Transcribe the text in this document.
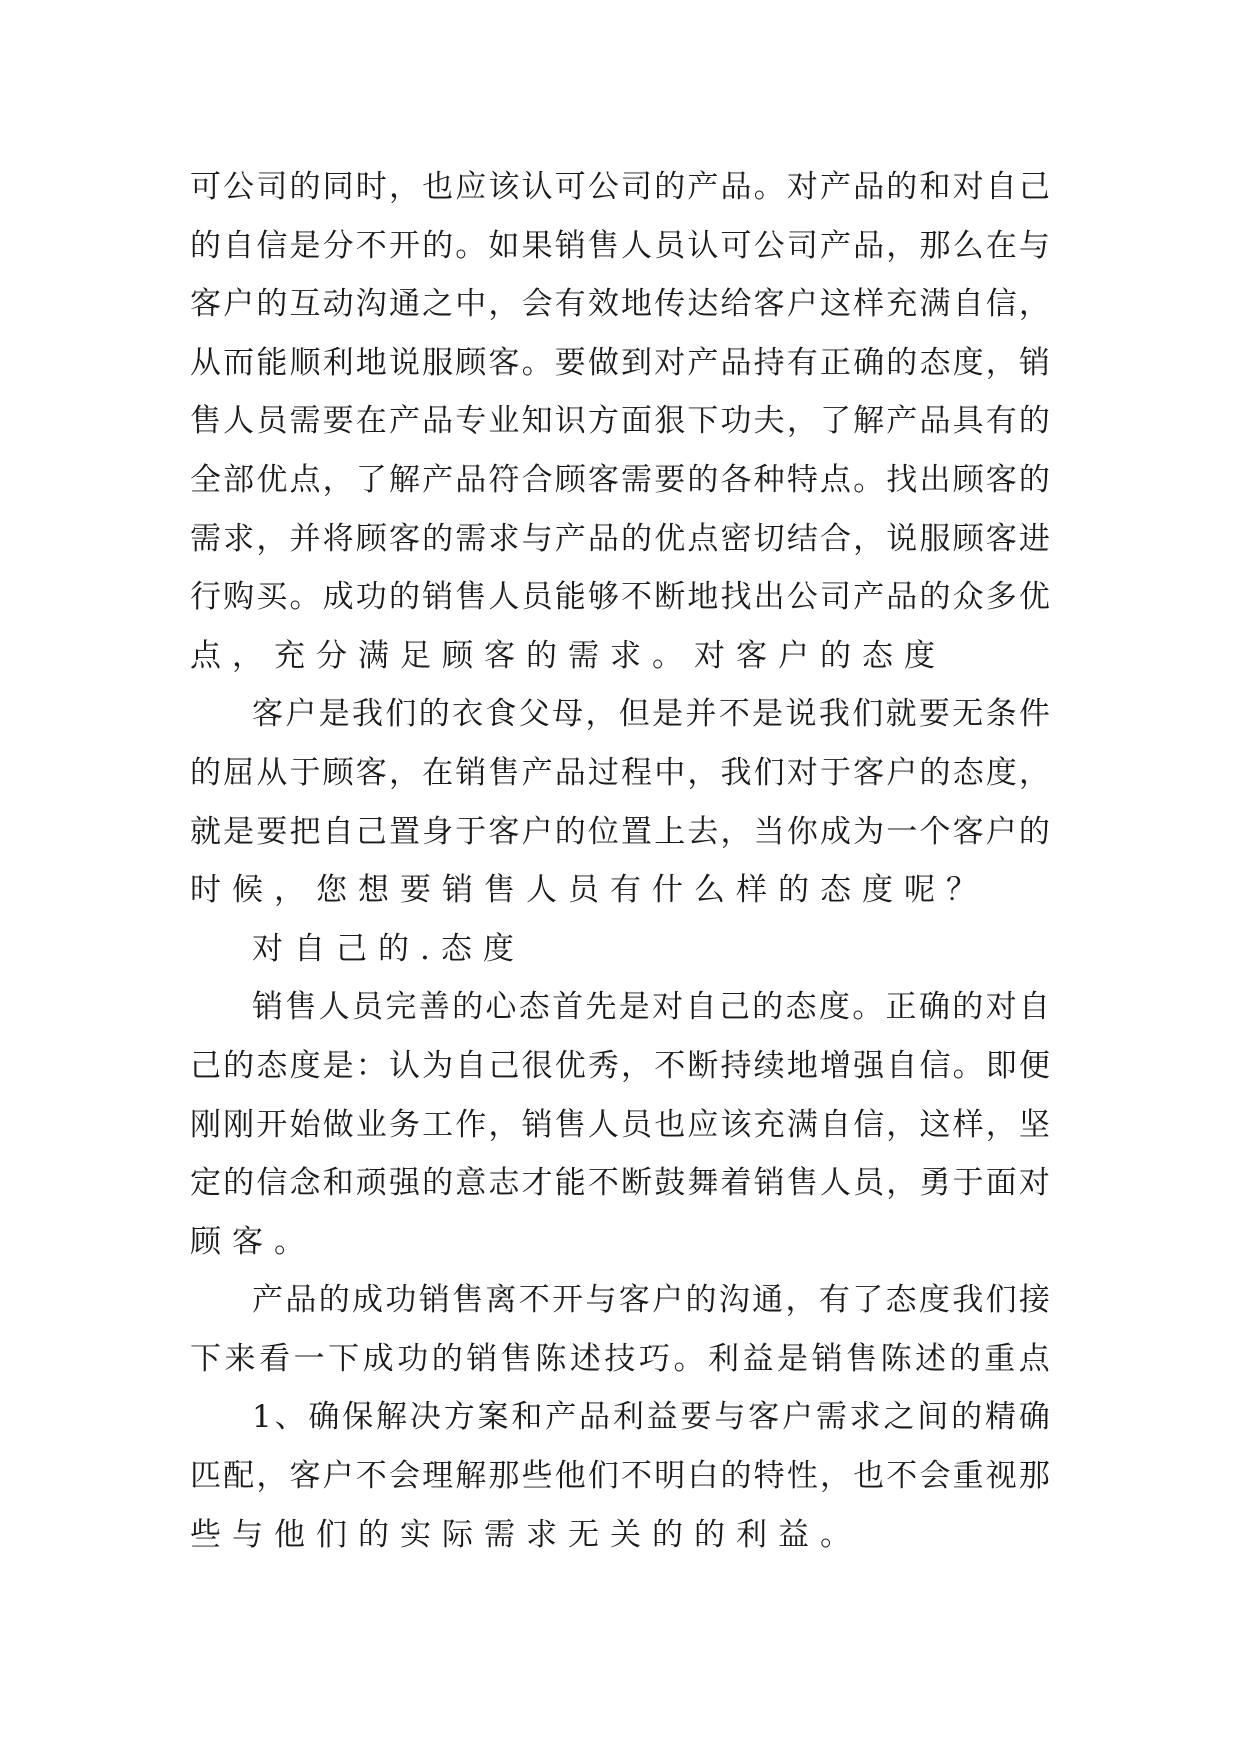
可 公 司 的 同 时 ， 也 应 该 认 可 公 司 的 产 品 。 对 产 品 的 和 对 自 己
的 自 信 是 分 不 开 的 。 如 果 销 售 人 员 认 可 公 司 产 品 ， 那 么 在 与
客 户 的 互 动 沟 通 之 中 ， 会 有 效 地 传 达 给 客 户 这 样 充 满 自 信 ，
从 而 能 顺 利 地 说 服 顾 客 。 要 做 到 对 产 品 持 有 正 确 的 态 度 ， 销
售 人 员 需 要 在 产 品 专 业 知 识 方 面 狠 下 功 夫 ， 了 解 产 品 具 有 的
全 部 优 点 ， 了 解 产 品 符 合 顾 客 需 要 的 各 种 特 点 。 找 出 顾 客 的
需 求 ， 并 将 顾 客 的 需 求 与 产 品 的 优 点 密 切 结 合 ， 说 服 顾 客 进
行 购 买 。 成 功 的 销 售 人 员 能 够 不 断 地 找 出 公 司 产 品 的 众 多 优
点，充分满足顾客的需求。对客户的态度
客 户 是 我 们 的 衣 食 父 母 ， 但 是 并 不 是 说 我 们 就 要 无 条 件
的 屈 从 于 顾 客 ， 在 销 售 产 品 过 程 中 ， 我 们 对 于 客 户 的 态 度 ，
就 是 要 把 自 己 置 身 于 客 户 的 位 置 上 去 ， 当 你 成 为 一 个 客 户 的
时候，您想要销售人员有什么样的态度呢？
对自己的.态度
销 售 人 员 完 善 的 心 态 首 先 是 对 自 己 的 态 度 。 正 确 的 对 自
己 的 态 度 是 ： 认 为 自 己 很 优 秀 ， 不 断 持 续 地 增 强 自 信 。 即 便
刚 刚 开 始 做 业 务 工 作 ， 销 售 人 员 也 应 该 充 满 自 信 ， 这 样 ， 坚
定 的 信 念 和 顽 强 的 意 志 才 能 不 断 鼓 舞 着 销 售 人 员 ， 勇 于 面 对
顾客。
产 品 的 成 功 销 售 离 不 开 与 客 户 的 沟 通 ， 有 了 态 度 我 们 接
下 来 看 一 下 成 功 的 销 售 陈 述 技 巧 。 利 益 是 销 售 陈 述 的 重 点
1 、 确 保 解 决 方 案 和 产 品 利 益 要 与 客 户 需 求 之 间 的 精 确
匹 配 ， 客 户 不 会 理 解 那 些 他 们 不 明 白 的 特 性 ， 也 不 会 重 视 那
些与他们的实际需求无关的的利益。
